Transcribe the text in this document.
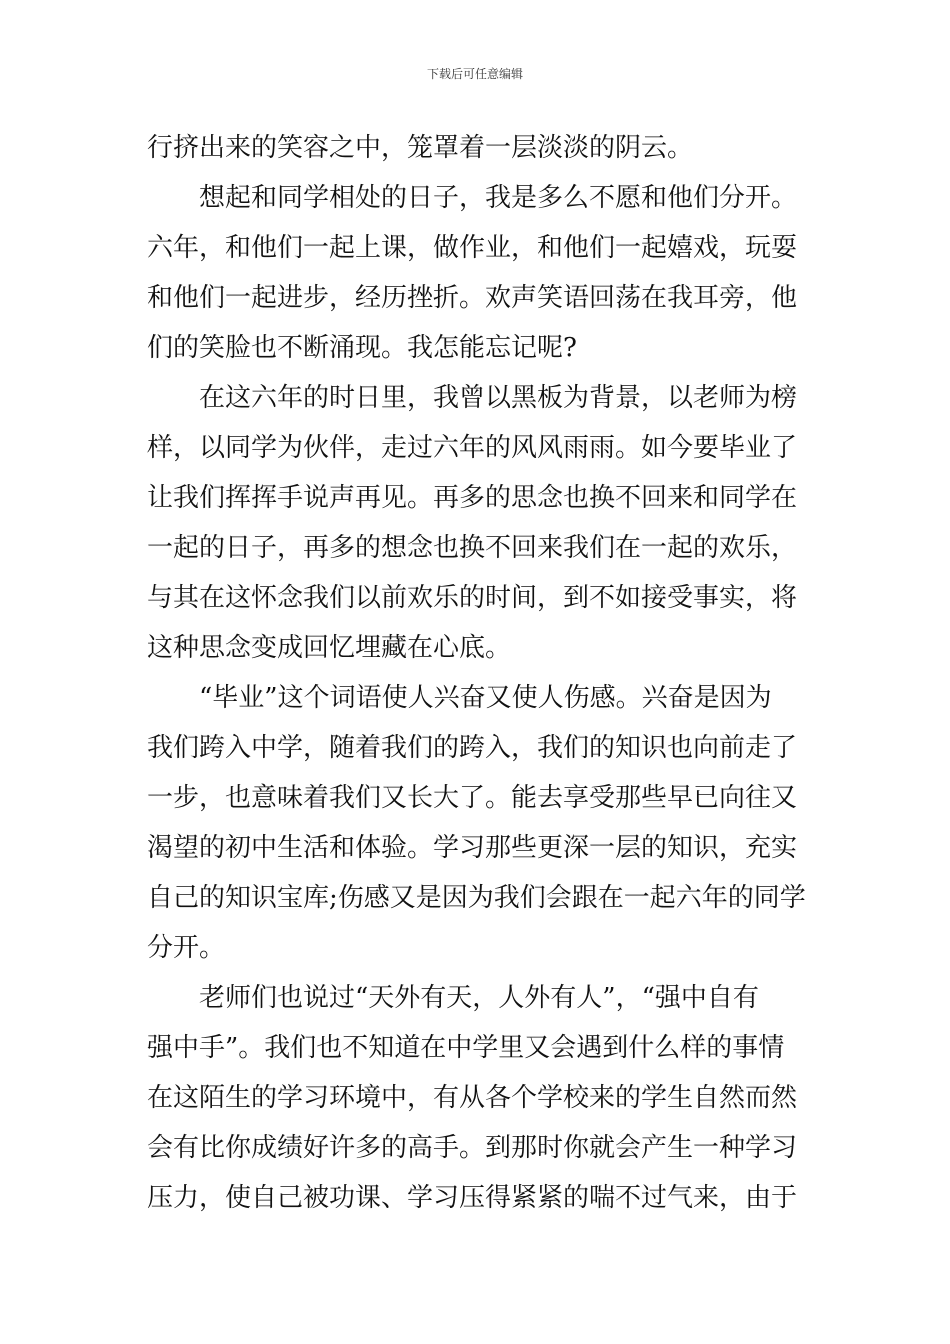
下载后可任意编辑
行挤出来的笑容之中，笼罩着一层淡淡的阴云。
想起和同学相处的日子，我是多么不愿和他们分开。
六年，和他们一起上课，做作业，和他们一起嬉戏，玩耍
和他们一起进步，经历挫折。欢声笑语回荡在我耳旁，他
们的笑脸也不断涌现。我怎能忘记呢?
在这六年的时日里，我曾以黑板为背景，以老师为榜
样，以同学为伙伴，走过六年的风风雨雨。如今要毕业了
让我们挥挥手说声再见。再多的思念也换不回来和同学在
一起的日子，再多的想念也换不回来我们在一起的欢乐，
与其在这怀念我们以前欢乐的时间，到不如接受事实，将
这种思念变成回忆埋藏在心底。
“毕业”这个词语使人兴奋又使人伤感。兴奋是因为
我们跨入中学，随着我们的跨入，我们的知识也向前走了
一步，也意味着我们又长大了。能去享受那些早已向往又
渴望的初中生活和体验。学习那些更深一层的知识，充实
自己的知识宝库;伤感又是因为我们会跟在一起六年的同学
分开。
老师们也说过“天外有天，人外有人”，“强中自有
强中手”。我们也不知道在中学里又会遇到什么样的事情
在这陌生的学习环境中，有从各个学校来的学生自然而然
会有比你成绩好许多的高手。到那时你就会产生一种学习
压力，使自己被功课、学习压得紧紧的喘不过气来，由于
